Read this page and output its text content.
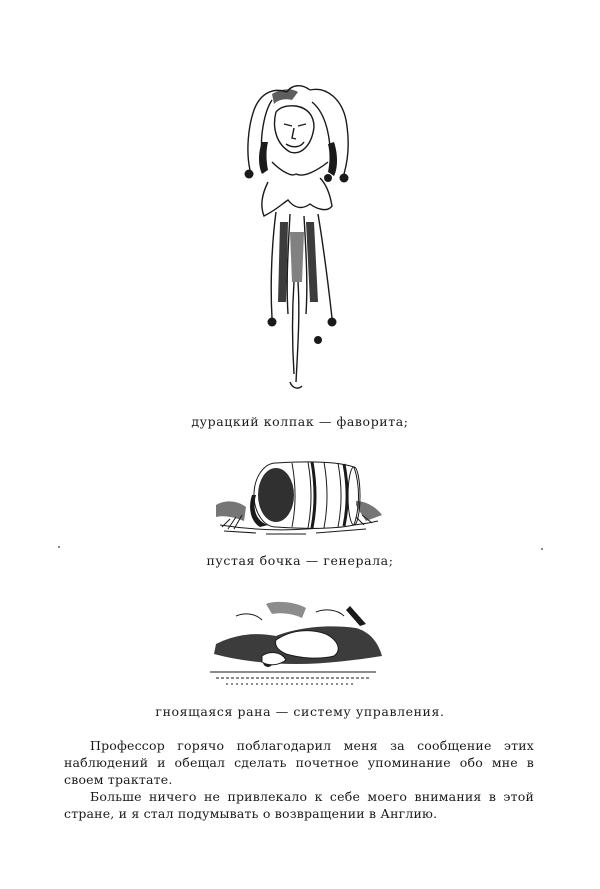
дурацкий колпак — фаворита;

пустая бочка — генерала;

гноящаяся рана — систему управления.

Профессор горячо поблагодарил меня за сообщение этих наблюдений и обещал сделать почетное упоминание обо мне в своем трактате.

Больше ничего не привлекало к себе моего внимания в этой стране, и я стал подумывать о возвращении в Англию.
